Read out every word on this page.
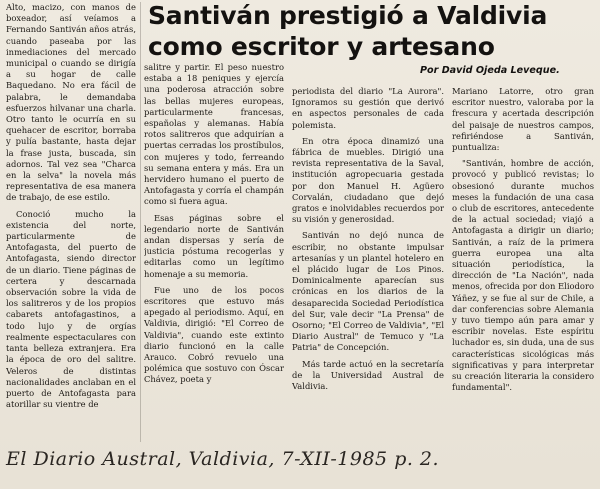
Santiván prestigió a Valdivia
como escritor y artesano
Por David Ojeda Leveque.

Alto, macizo, con manos de boxeador, así veíamos a Fernando Santiván años atrás, cuando paseaba por las inmediaciones del mercado municipal o cuando se dirigía a su hogar de calle Baquedano. No era fácil de palabra, le demandaba esfuerzos hilvanar una charla. Otro tanto le ocurría en su quehacer de escritor, borraba y pulía bastante, hasta dejar la frase justa, buscada, sin adornos. Tal vez sea "Charca en la selva" la novela más representativa de esa manera de trabajo, de ese estilo.

Conoció mucho la existencia del norte, particularmente de Antofagasta, del puerto de Antofagasta, siendo director de un diario. Tiene páginas de certera y descarnada observación sobre la vida de los salitreros y de los propios cabarets antofagastinos, a todo lujo y de orgías realmente espectaculares con tanta belleza extranjera. Era la época de oro del salitre. Veleros de distintas nacionalidades anclaban en el puerto de Antofagasta para atorillar su vientre de

salitre y partir. El peso nuestro estaba a 18 peniques y ejercía una poderosa atracción sobre las bellas mujeres europeas, particularmente francesas, españolas y alemanas. Había rotos salitreros que adquirían a puertas cerradas los prostíbulos, con mujeres y todo, ferreando su semana entera y más. Era un hervidero humano el puerto de Antofagasta y corría el champán como si fuera agua.

Esas páginas sobre el legendario norte de Santiván andan dispersas y sería de justicia póstuma recogerlas y editarlas como un legítimo homenaje a su memoria.

Fue uno de los pocos escritores que estuvo más apegado al periodismo. Aquí, en Valdivia, dirigió: "El Correo de Valdivia", cuando este extinto diario funcionó en la calle Arauco. Cobró revuelo una polémica que sostuvo con Óscar Chávez, poeta y

periodista del diario "La Aurora". Ignoramos su gestión que derivó en aspectos personales de cada polemista.

En otra época dinamizó una fábrica de muebles. Dirigió una revista representativa de la Saval, institución agropecuaria gestada por don Manuel H. Agüero Corvalán, ciudadano que dejó gratos e inolvidables recuerdos por su visión y generosidad.

Santiván no dejó nunca de escribir, no obstante impulsar artesanías y un plantel hotelero en el plácido lugar de Los Pinos. Dominicalmente aparecían sus crónicas en los diarios de la desaparecida Sociedad Periodística del Sur, vale decir "La Prensa" de Osorno; "El Correo de Valdivia", "El Diario Austral" de Temuco y "La Patria" de Concepción.

Más tarde actuó en la secretaría de la Universidad Austral de Valdivia.

Mariano Latorre, otro gran escritor nuestro, valoraba por la frescura y acertada descripción del paisaje de nuestros campos, refiriéndose a Santiván, puntualiza:

"Santiván, hombre de acción, provocó y publicó revistas; lo obsesionó durante muchos meses la fundación de una casa o club de escritores, antecedente de la actual sociedad; viajó a Antofagasta a dirigir un diario; Santiván, a raíz de la primera guerra europea una alta situación periodística, la dirección de "La Nación", nada menos, ofrecida por don Eliodoro Yáñez, y se fue al sur de Chile, a dar conferencias sobre Alemania y tuvo tiempo aún para amar y escribir novelas. Este espíritu luchador es, sin duda, una de sus características sicológicas más significativas y para interpretar su creación literaria la considero fundamental".

El Diario Austral, Valdivia, 7-XII-1985 p. 2.
